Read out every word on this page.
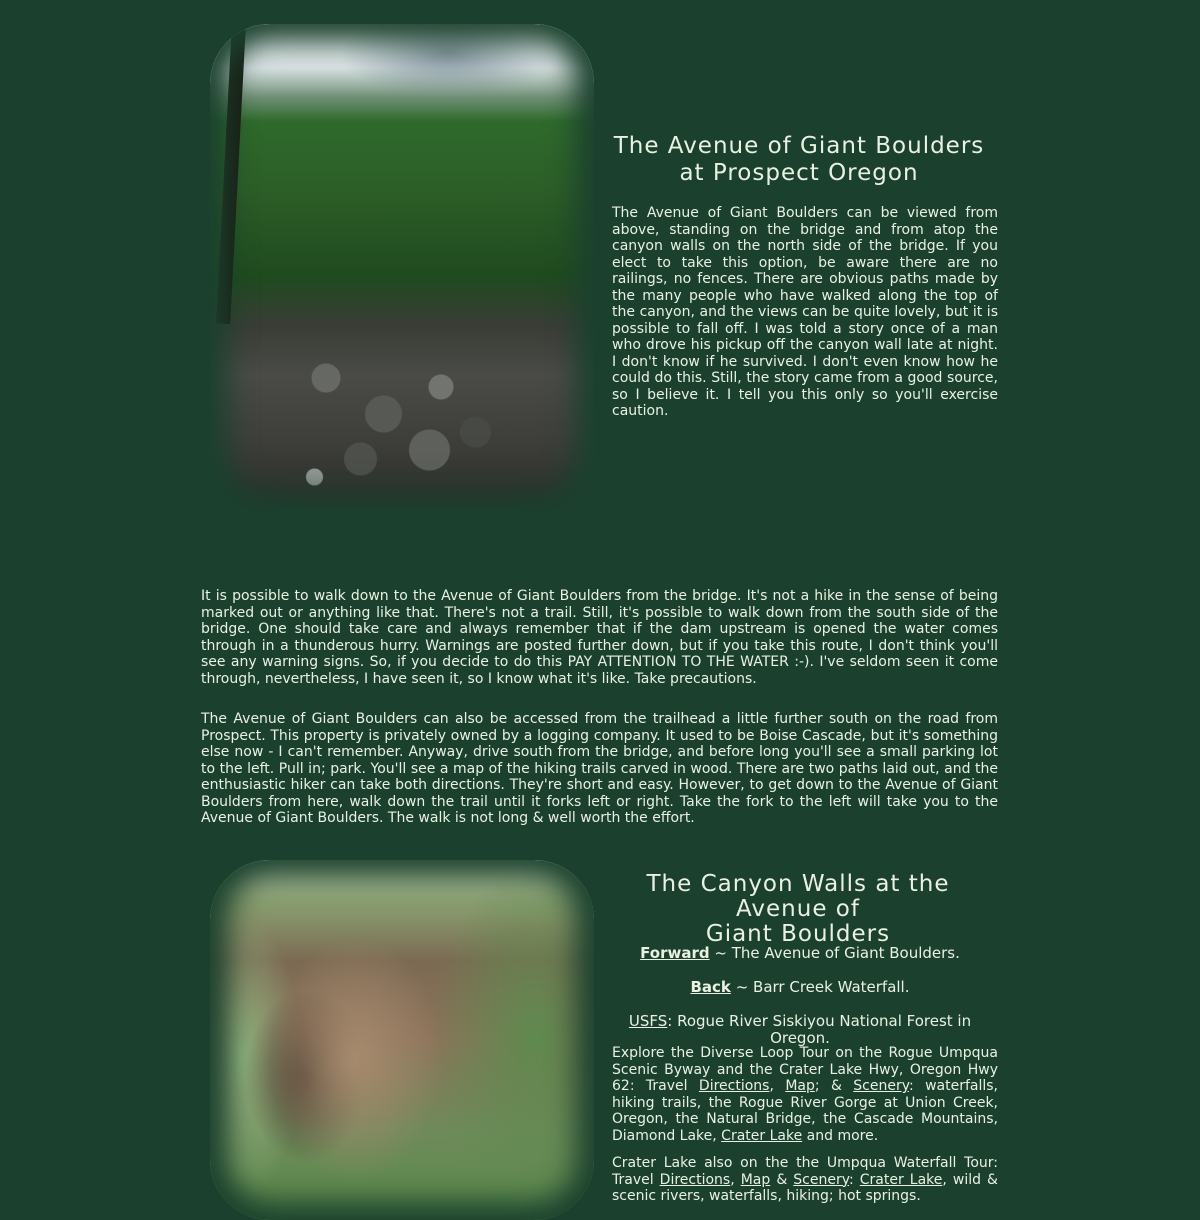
The Avenue of Giant Boulders
at Prospect Oregon

The Avenue of Giant Boulders can be viewed from above, standing on the bridge and from atop the canyon walls on the north side of the bridge. If you elect to take this option, be aware there are no railings, no fences. There are obvious paths made by the many people who have walked along the top of the canyon, and the views can be quite lovely, but it is possible to fall off. I was told a story once of a man who drove his pickup off the canyon wall late at night. I don't know if he survived. I don't even know how he could do this. Still, the story came from a good source, so I believe it. I tell you this only so you'll exercise caution.

It is possible to walk down to the Avenue of Giant Boulders from the bridge. It's not a hike in the sense of being marked out or anything like that. There's not a trail. Still, it's possible to walk down from the south side of the bridge. One should take care and always remember that if the dam upstream is opened the water comes through in a thunderous hurry. Warnings are posted further down, but if you take this route, I don't think you'll see any warning signs. So, if you decide to do this PAY ATTENTION TO THE WATER :-). I've seldom seen it come through, nevertheless, I have seen it, so I know what it's like. Take precautions.

The Avenue of Giant Boulders can also be accessed from the trailhead a little further south on the road from Prospect. This property is privately owned by a logging company. It used to be Boise Cascade, but it's something else now - I can't remember. Anyway, drive south from the bridge, and before long you'll see a small parking lot to the left. Pull in; park. You'll see a map of the hiking trails carved in wood. There are two paths laid out, and the enthusiastic hiker can take both directions. They're short and easy. However, to get down to the Avenue of Giant Boulders from here, walk down the trail until it forks left or right. Take the fork to the left will take you to the Avenue of Giant Boulders. The walk is not long & well worth the effort.

The Canyon Walls at the Avenue of
Giant Boulders
Forward ~ The Avenue of Giant Boulders.
Back ~ Barr Creek Waterfall.
USFS: Rogue River Siskiyou National Forest in Oregon.

Explore the Diverse Loop Tour on the Rogue Umpqua Scenic Byway and the Crater Lake Hwy, Oregon Hwy 62: Travel Directions, Map; & Scenery: waterfalls, hiking trails, the Rogue River Gorge at Union Creek, Oregon, the Natural Bridge, the Cascade Mountains, Diamond Lake, Crater Lake and more.

Crater Lake also on the the Umpqua Waterfall Tour: Travel Directions, Map & Scenery: Crater Lake, wild & scenic rivers, waterfalls, hiking; hot springs.
